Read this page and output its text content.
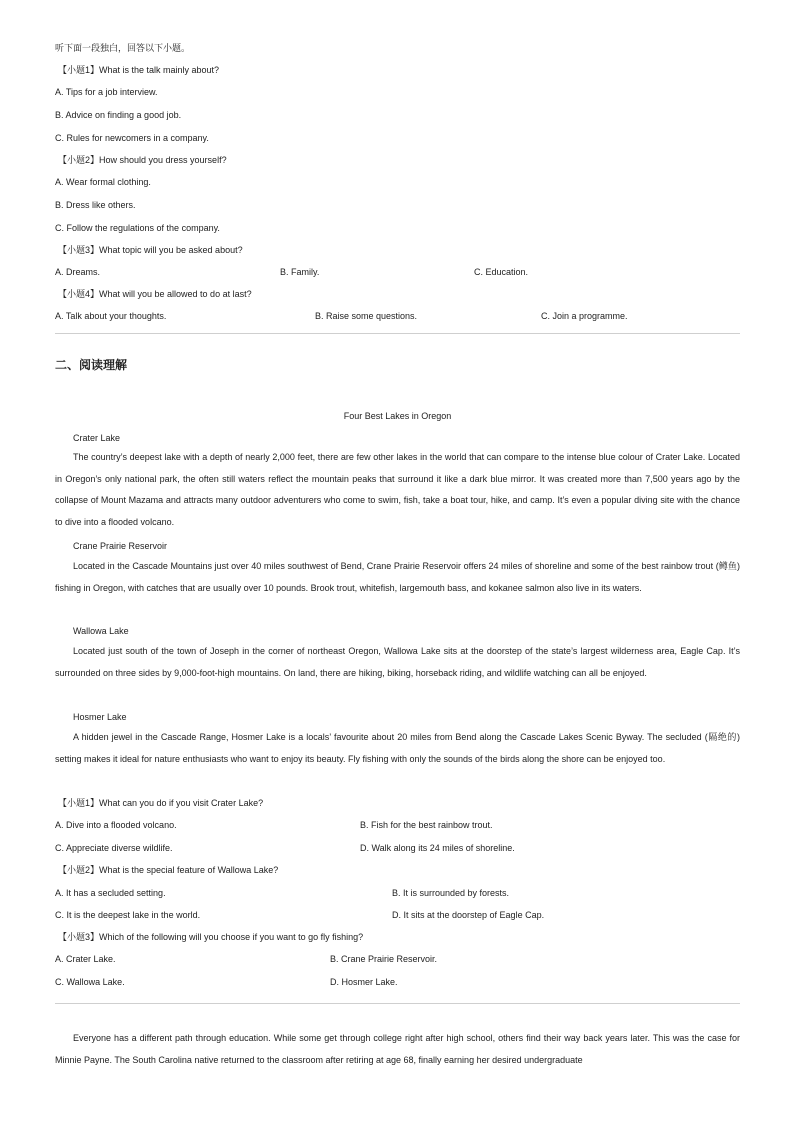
听下面一段独白，回答以下小题。
【小题1】What is the talk mainly about?
A. Tips for a job interview.
B. Advice on finding a good job.
C. Rules for newcomers in a company.
【小题2】How should you dress yourself?
A. Wear formal clothing.
B. Dress like others.
C. Follow the regulations of the company.
【小题3】What topic will you be asked about?
A. Dreams.	B. Family.	C. Education.
【小题4】What will you be allowed to do at last?
A. Talk about your thoughts.	B. Raise some questions.	C. Join a programme.
二、阅读理解
Four Best Lakes in Oregon
Crater Lake
The country’s deepest lake with a depth of nearly 2,000 feet, there are few other lakes in the world that can compare to the intense blue colour of Crater Lake. Located in Oregon’s only national park, the often still waters reflect the mountain peaks that surround it like a dark blue mirror. It was created more than 7,500 years ago by the collapse of Mount Mazama and attracts many outdoor adventurers who come to swim, fish, take a boat tour, hike, and camp. It’s even a popular diving site with the chance to dive into a flooded volcano.
Crane Prairie Reservoir
Located in the Cascade Mountains just over 40 miles southwest of Bend, Crane Prairie Reservoir offers 24 miles of shoreline and some of the best rainbow trout (鳟鱼) fishing in Oregon, with catches that are usually over 10 pounds. Brook trout, whitefish, largemouth bass, and kokanee salmon also live in its waters.
Wallowa Lake
Located just south of the town of Joseph in the corner of northeast Oregon, Wallowa Lake sits at the doorstep of the state’s largest wilderness area, Eagle Cap. It’s surrounded on three sides by 9,000-foot-high mountains. On land, there are hiking, biking, horseback riding, and wildlife watching can all be enjoyed.
Hosmer Lake
A hidden jewel in the Cascade Range, Hosmer Lake is a locals’ favourite about 20 miles from Bend along the Cascade Lakes Scenic Byway. The secluded (隔绝的) setting makes it ideal for nature enthusiasts who want to enjoy its beauty. Fly fishing with only the sounds of the birds along the shore can be enjoyed too.
【小题1】What can you do if you visit Crater Lake?
A. Dive into a flooded volcano.	B. Fish for the best rainbow trout.
C. Appreciate diverse wildlife.	D. Walk along its 24 miles of shoreline.
【小题2】What is the special feature of Wallowa Lake?
A. It has a secluded setting.	B. It is surrounded by forests.
C. It is the deepest lake in the world.	D. It sits at the doorstep of Eagle Cap.
【小题3】Which of the following will you choose if you want to go fly fishing?
A. Crater Lake.	B. Crane Prairie Reservoir.
C. Wallowa Lake.	D. Hosmer Lake.
Everyone has a different path through education. While some get through college right after high school, others find their way back years later. This was the case for Minnie Payne. The South Carolina native returned to the classroom after retiring at age 68, finally earning her desired undergraduate
